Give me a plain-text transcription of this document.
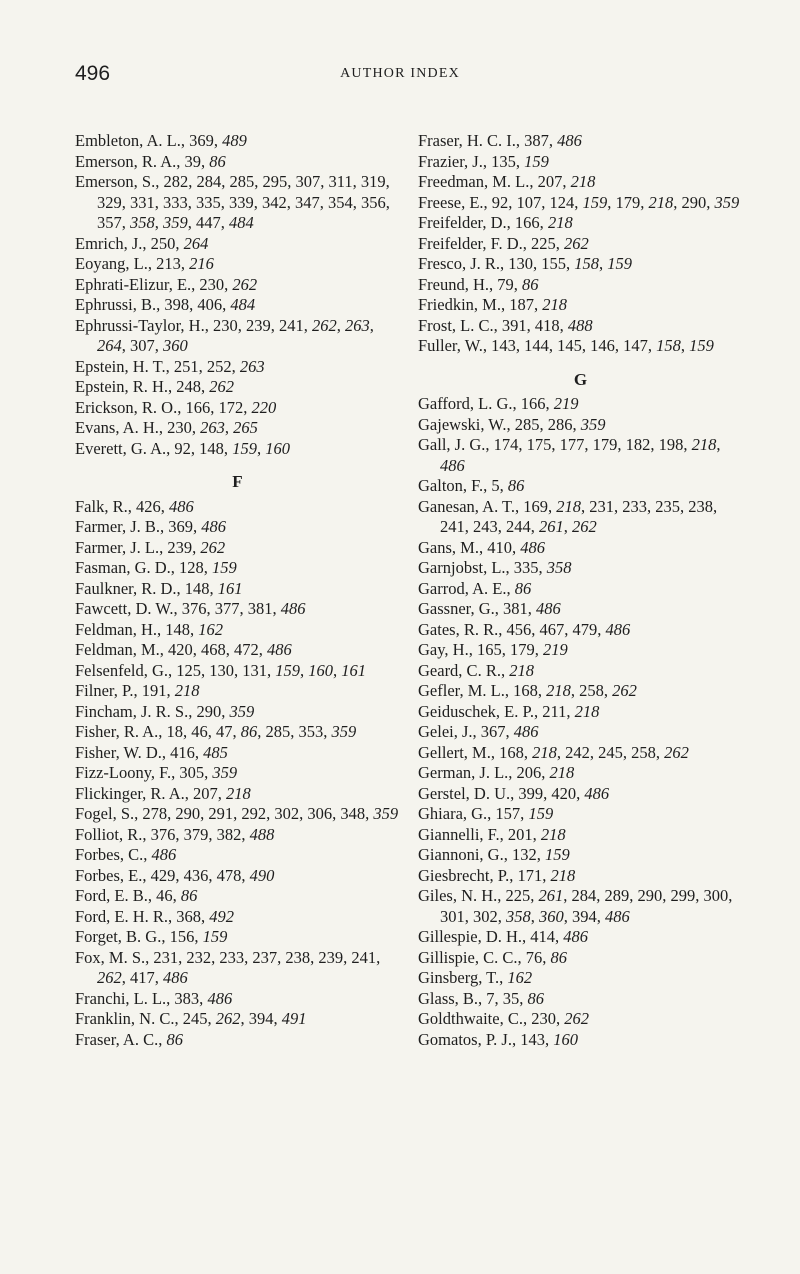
496	AUTHOR INDEX
Embleton, A. L., 369, 489
Emerson, R. A., 39, 86
Emerson, S., 282, 284, 285, 295, 307, 311, 319, 329, 331, 333, 335, 339, 342, 347, 354, 356, 357, 358, 359, 447, 484
Emrich, J., 250, 264
Eoyang, L., 213, 216
Ephrati-Elizur, E., 230, 262
Ephrussi, B., 398, 406, 484
Ephrussi-Taylor, H., 230, 239, 241, 262, 263, 264, 307, 360
Epstein, H. T., 251, 252, 263
Epstein, R. H., 248, 262
Erickson, R. O., 166, 172, 220
Evans, A. H., 230, 263, 265
Everett, G. A., 92, 148, 159, 160
F
Falk, R., 426, 486
Farmer, J. B., 369, 486
Farmer, J. L., 239, 262
Fasman, G. D., 128, 159
Faulkner, R. D., 148, 161
Fawcett, D. W., 376, 377, 381, 486
Feldman, H., 148, 162
Feldman, M., 420, 468, 472, 486
Felsenfeld, G., 125, 130, 131, 159, 160, 161
Filner, P., 191, 218
Fincham, J. R. S., 290, 359
Fisher, R. A., 18, 46, 47, 86, 285, 353, 359
Fisher, W. D., 416, 485
Fizz-Loony, F., 305, 359
Flickinger, R. A., 207, 218
Fogel, S., 278, 290, 291, 292, 302, 306, 348, 359
Folliot, R., 376, 379, 382, 488
Forbes, C., 486
Forbes, E., 429, 436, 478, 490
Ford, E. B., 46, 86
Ford, E. H. R., 368, 492
Forget, B. G., 156, 159
Fox, M. S., 231, 232, 233, 237, 238, 239, 241, 262, 417, 486
Franchi, L. L., 383, 486
Franklin, N. C., 245, 262, 394, 491
Fraser, A. C., 86
Fraser, H. C. I., 387, 486
Frazier, J., 135, 159
Freedman, M. L., 207, 218
Freese, E., 92, 107, 124, 159, 179, 218, 290, 359
Freifelder, D., 166, 218
Freifelder, F. D., 225, 262
Fresco, J. R., 130, 155, 158, 159
Freund, H., 79, 86
Friedkin, M., 187, 218
Frost, L. C., 391, 418, 488
Fuller, W., 143, 144, 145, 146, 147, 158, 159
G
Gafford, L. G., 166, 219
Gajewski, W., 285, 286, 359
Gall, J. G., 174, 175, 177, 179, 182, 198, 218, 486
Galton, F., 5, 86
Ganesan, A. T., 169, 218, 231, 233, 235, 238, 241, 243, 244, 261, 262
Gans, M., 410, 486
Garnjobst, L., 335, 358
Garrod, A. E., 86
Gassner, G., 381, 486
Gates, R. R., 456, 467, 479, 486
Gay, H., 165, 179, 219
Geard, C. R., 218
Gefler, M. L., 168, 218, 258, 262
Geiduschek, E. P., 211, 218
Gelei, J., 367, 486
Gellert, M., 168, 218, 242, 245, 258, 262
German, J. L., 206, 218
Gerstel, D. U., 399, 420, 486
Ghiara, G., 157, 159
Giannelli, F., 201, 218
Giannoni, G., 132, 159
Giesbrecht, P., 171, 218
Giles, N. H., 225, 261, 284, 289, 290, 299, 300, 301, 302, 358, 360, 394, 486
Gillespie, D. H., 414, 486
Gillispie, C. C., 76, 86
Ginsberg, T., 162
Glass, B., 7, 35, 86
Goldthwaite, C., 230, 262
Gomatos, P. J., 143, 160
